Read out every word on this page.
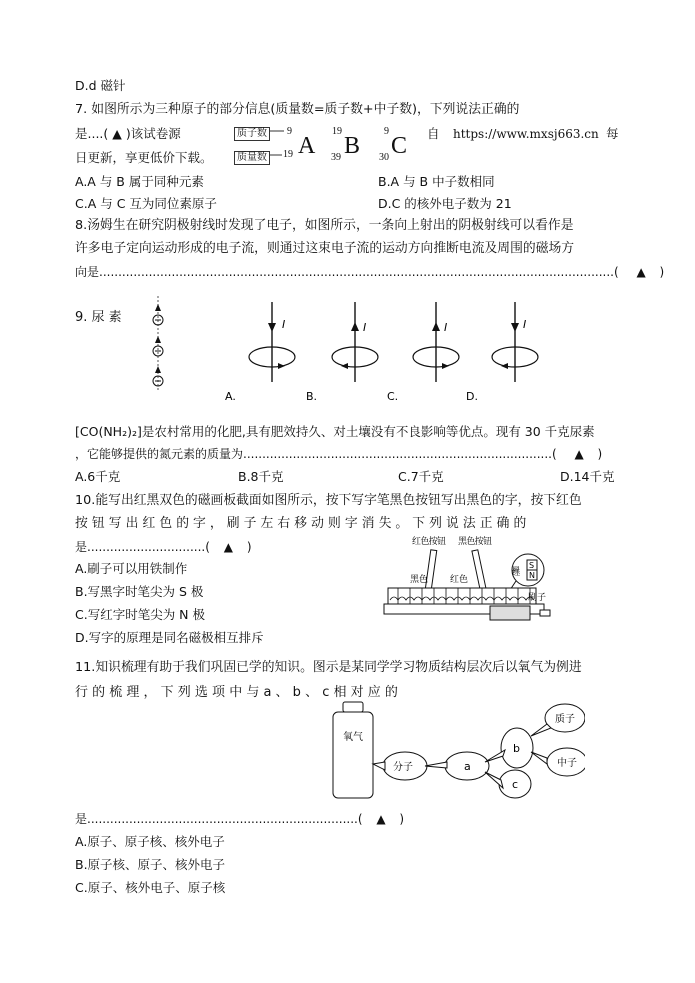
D.d 磁针
7. 如图所示为三种原子的部分信息(质量数=质子数+中子数)，下列说法正确的
是....( ▲ )该试卷源	质子数
质量数
9
19 A
19
39 B
9
30 C 自 https://www.mxsj663.cn 每
日更新，享更低价下载。
A.A 与 B 属于同种元素	B.A 与 B 中子数相同
C.A 与 C 互为同位素原子	D.C 的核外电子数为 21
8.汤姆生在研究阴极射线时发现了电子，如图所示，一条向上射出的阴极射线可以看作是
许多电子定向运动形成的电子流，则通过这束电子流的运动方向推断电流及周围的磁场方
向是.......................................................................................................................................( ▲ )
I	I	I	I
A.	B.	C.	D.
9. 尿 素
[CO(NH₂)₂]是农村常用的化肥,具有肥效持久、对土壤没有不良影响等优点。现有 30 千克尿素
，它能够提供的氮元素的质量为.................................................................................( ▲ )
A.6千克	B.8千克	C.7千克	D.14千克
10.能写出红黑双色的磁画板截面如图所示，按下写字笔黑色按钮写出黑色的字，按下红色
按 钮 写 出 红 色 的 字 ， 刷 子 左 右 移 动 则 字 消 失 。 下 列 说 法 正 确 的
是...............................( ▲ )
A.刷子可以用铁制作
B.写黑字时笔尖为 S 极
C.写红字时笔尖为 N 极
D.写字的原理是同名磁极相互排斥
红色按钮 黑色按钮
黑色 红色
黑红
S
N
刷子
11.知识梳理有助于我们巩固已学的知识。图示是某同学学习物质结构层次后以氧气为例进
行 的 梳 理 ， 下 列 选 项 中 与 a 、 b 、 c 相 对 应 的
氧气
分子	a
b
c
质子
中子
是.......................................................................( ▲ )
A.原子、原子核、核外电子
B.原子核、原子、核外电子
C.原子、核外电子、原子核
